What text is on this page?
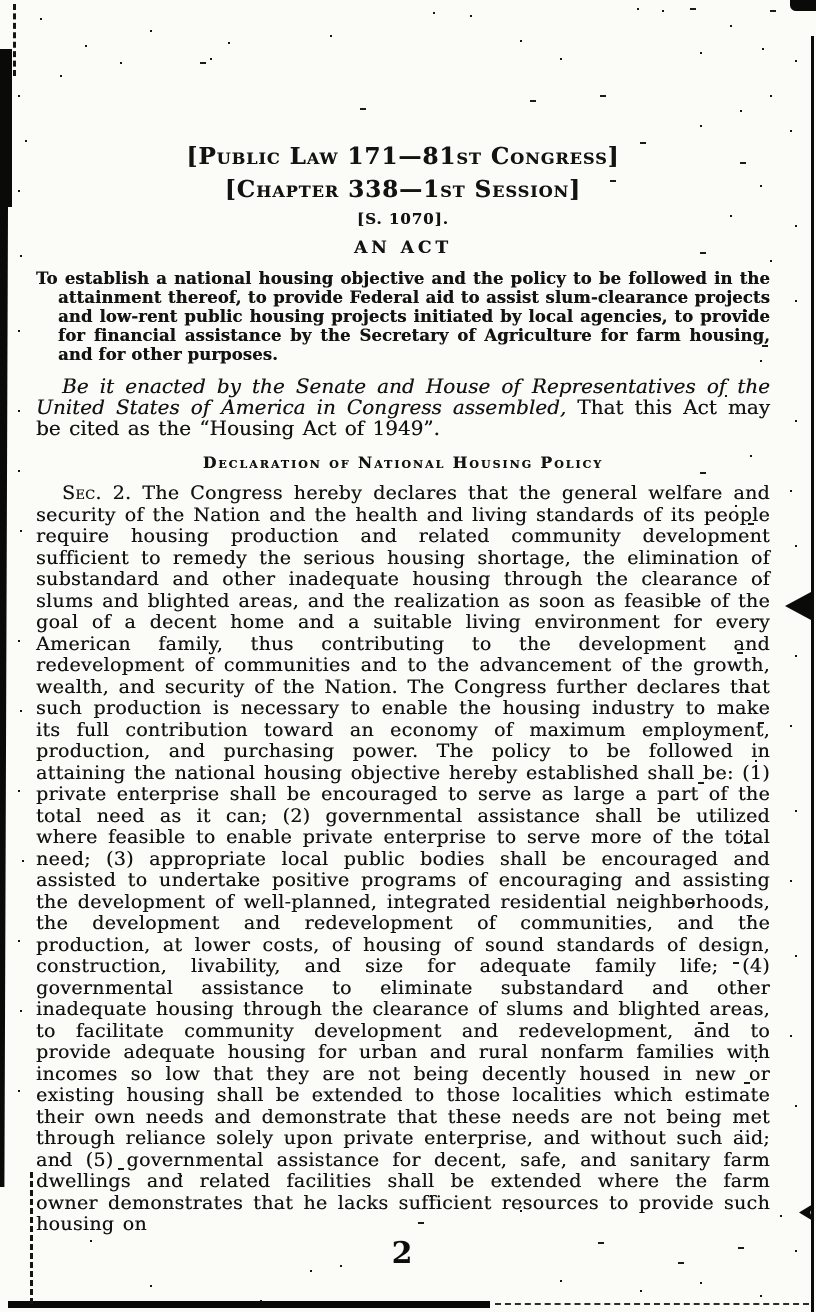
[Public Law 171—81st Congress]
[Chapter 338—1st Session]
[S. 1070].
AN ACT

To establish a national housing objective and the policy to be followed in the attainment thereof, to provide Federal aid to assist slum-clearance projects and low-rent public housing projects initiated by local agencies, to provide for financial assistance by the Secretary of Agriculture for farm housing, and for other purposes.

Be it enacted by the Senate and House of Representatives of the United States of America in Congress assembled, That this Act may be cited as the “Housing Act of 1949”.

Declaration of National Housing Policy

Sec. 2. The Congress hereby declares that the general welfare and security of the Nation and the health and living standards of its people require housing production and related community development sufficient to remedy the serious housing shortage, the elimination of substandard and other inadequate housing through the clearance of slums and blighted areas, and the realization as soon as feasible of the goal of a decent home and a suitable living environment for every American family, thus contributing to the development and redevelopment of communities and to the advancement of the growth, wealth, and security of the Nation. The Congress further declares that such production is necessary to enable the housing industry to make its full contribution toward an economy of maximum employment, production, and purchasing power. The policy to be followed in attaining the national housing objective hereby established shall be: (1) private enterprise shall be encouraged to serve as large a part of the total need as it can; (2) governmental assistance shall be utilized where feasible to enable private enterprise to serve more of the total need; (3) appropriate local public bodies shall be encouraged and assisted to undertake positive programs of encouraging and assisting the development of well-planned, integrated residential neighborhoods, the development and redevelopment of communities, and the production, at lower costs, of housing of sound standards of design, construction, livability, and size for adequate family life; (4) governmental assistance to eliminate substandard and other inadequate housing through the clearance of slums and blighted areas, to facilitate community development and redevelopment, and to provide adequate housing for urban and rural nonfarm families with incomes so low that they are not being decently housed in new or existing housing shall be extended to those localities which estimate their own needs and demonstrate that these needs are not being met through reliance solely upon private enterprise, and without such aid; and (5) governmental assistance for decent, safe, and sanitary farm dwellings and related facilities shall be extended where the farm owner demonstrates that he lacks sufficient resources to provide such housing on

2
